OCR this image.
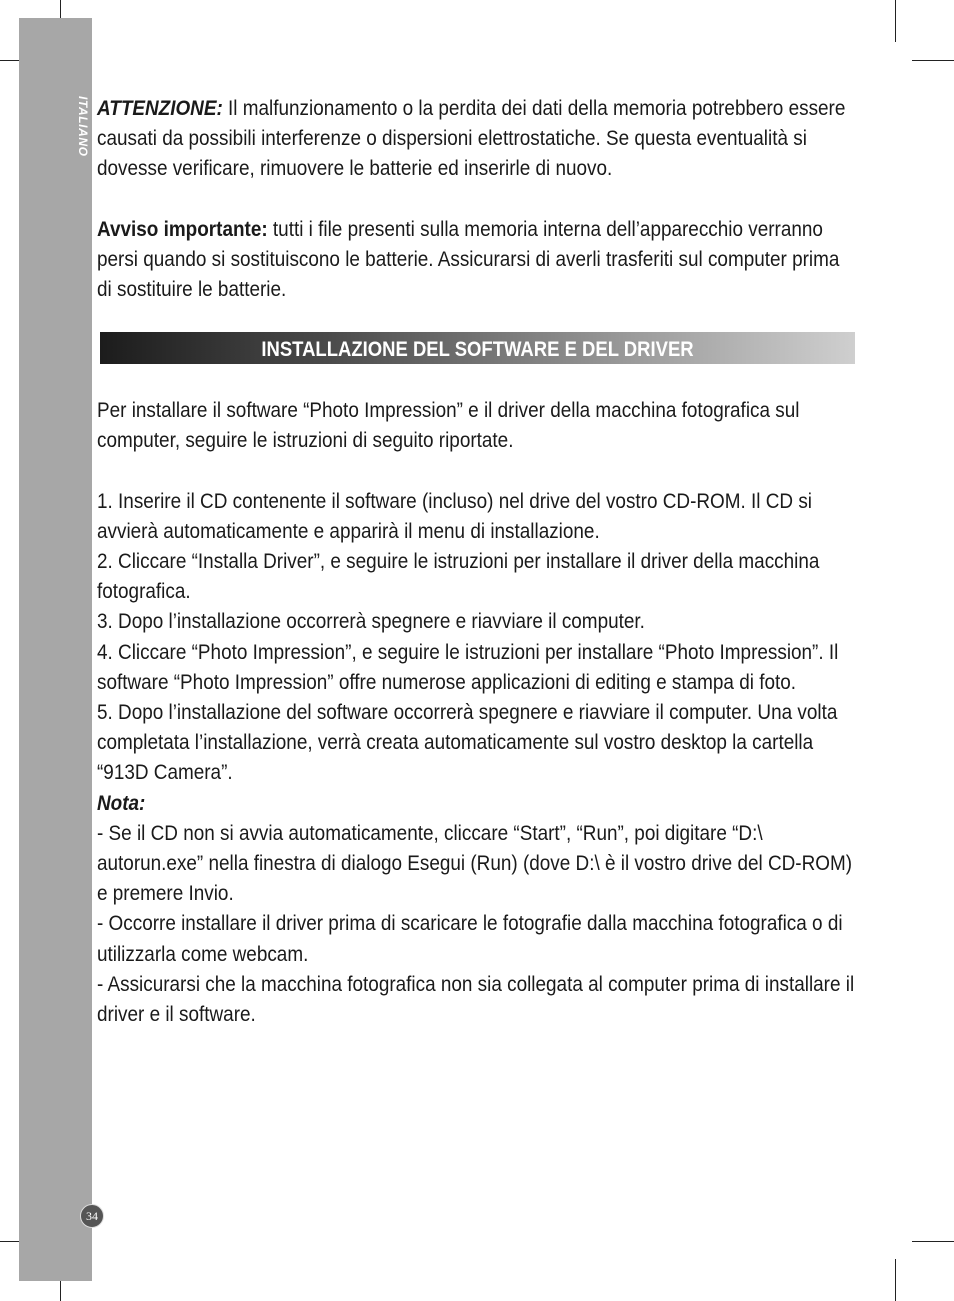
ITALIANO
34
INSTALLAZIONE DEL SOFTWARE E DEL DRIVER

ATTENZIONE: Il malfunzionamento o la perdita dei dati della memoria potrebbero essere causati da possibili interferenze o dispersioni elettrostatiche. Se questa eventualità si dovesse verificare, rimuovere le batterie ed inserirle di nuovo.

Avviso importante: tutti i file presenti sulla memoria interna dell’apparecchio verranno persi quando si sostituiscono le batterie. Assicurarsi di averli trasferiti sul computer prima di sostituire le batterie.

Per installare il software “Photo Impression” e il driver della macchina fotografica sul computer, seguire le istruzioni di seguito riportate.

1. Inserire il CD contenente il software (incluso) nel drive del vostro CD-ROM. Il CD si avvierà automaticamente e apparirà il menu di installazione.

2. Cliccare “Installa Driver”, e seguire le istruzioni per installare il driver della macchina fotografica.

3. Dopo l’installazione occorrerà spegnere e riavviare il computer.

4. Cliccare “Photo Impression”, e seguire le istruzioni per installare “Photo Impression”. Il software “Photo Impression” offre numerose applicazioni di editing e stampa di foto.

5. Dopo l’installazione del software occorrerà spegnere e riavviare il computer. Una volta completata l’installazione, verrà creata automaticamente sul vostro desktop la cartella “913D Camera”.

Nota:

- Se il CD non si avvia automaticamente, cliccare “Start”, “Run”, poi digitare “D:\ autorun.exe” nella finestra di dialogo Esegui (Run) (dove D:\ è il vostro drive del CD-ROM) e premere Invio.

- Occorre installare il driver prima di scaricare le fotografie dalla macchina fotografica o di utilizzarla come webcam.

- Assicurarsi che la macchina fotografica non sia collegata al computer prima di installare il driver e il software.
